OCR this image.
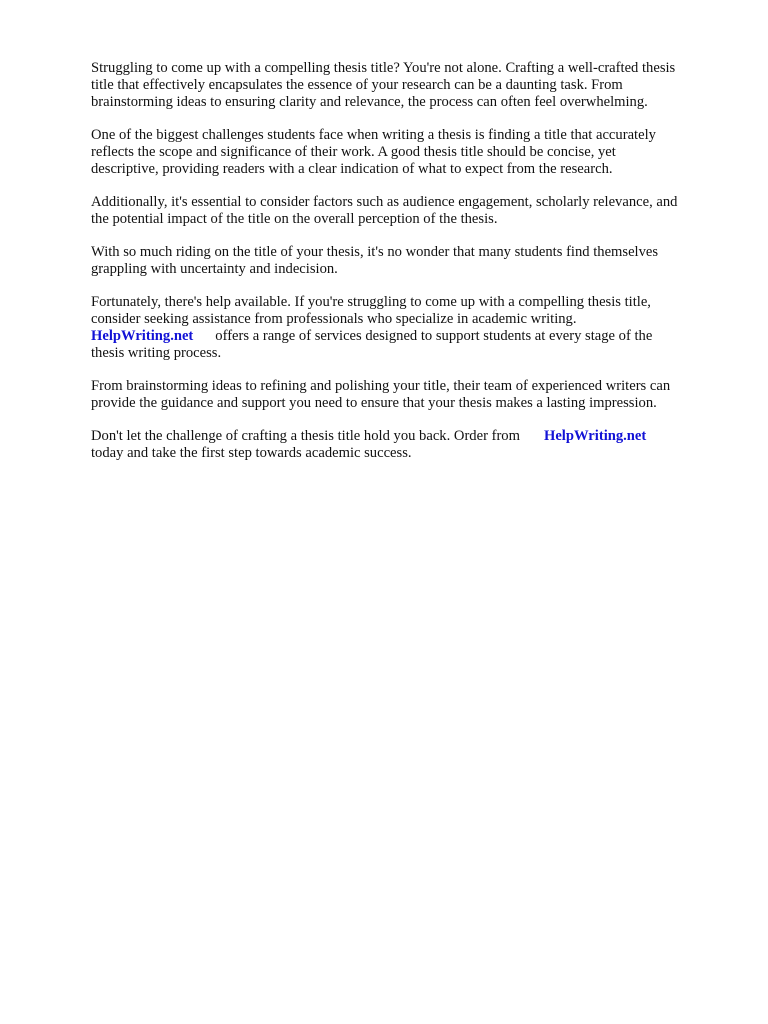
Struggling to come up with a compelling thesis title? You're not alone. Crafting a well-crafted thesis
title that effectively encapsulates the essence of your research can be a daunting task. From
brainstorming ideas to ensuring clarity and relevance, the process can often feel overwhelming.

One of the biggest challenges students face when writing a thesis is finding a title that accurately
reflects the scope and significance of their work. A good thesis title should be concise, yet
descriptive, providing readers with a clear indication of what to expect from the research.

Additionally, it's essential to consider factors such as audience engagement, scholarly relevance, and
the potential impact of the title on the overall perception of the thesis.

With so much riding on the title of your thesis, it's no wonder that many students find themselves
grappling with uncertainty and indecision.

Fortunately, there's help available. If you're struggling to come up with a compelling thesis title,
consider seeking assistance from professionals who specialize in academic writing.
HelpWriting.net offers a range of services designed to support students at every stage of the
thesis writing process.

From brainstorming ideas to refining and polishing your title, their team of experienced writers can
provide the guidance and support you need to ensure that your thesis makes a lasting impression.

Don't let the challenge of crafting a thesis title hold you back. Order from HelpWriting.net
today and take the first step towards academic success.
